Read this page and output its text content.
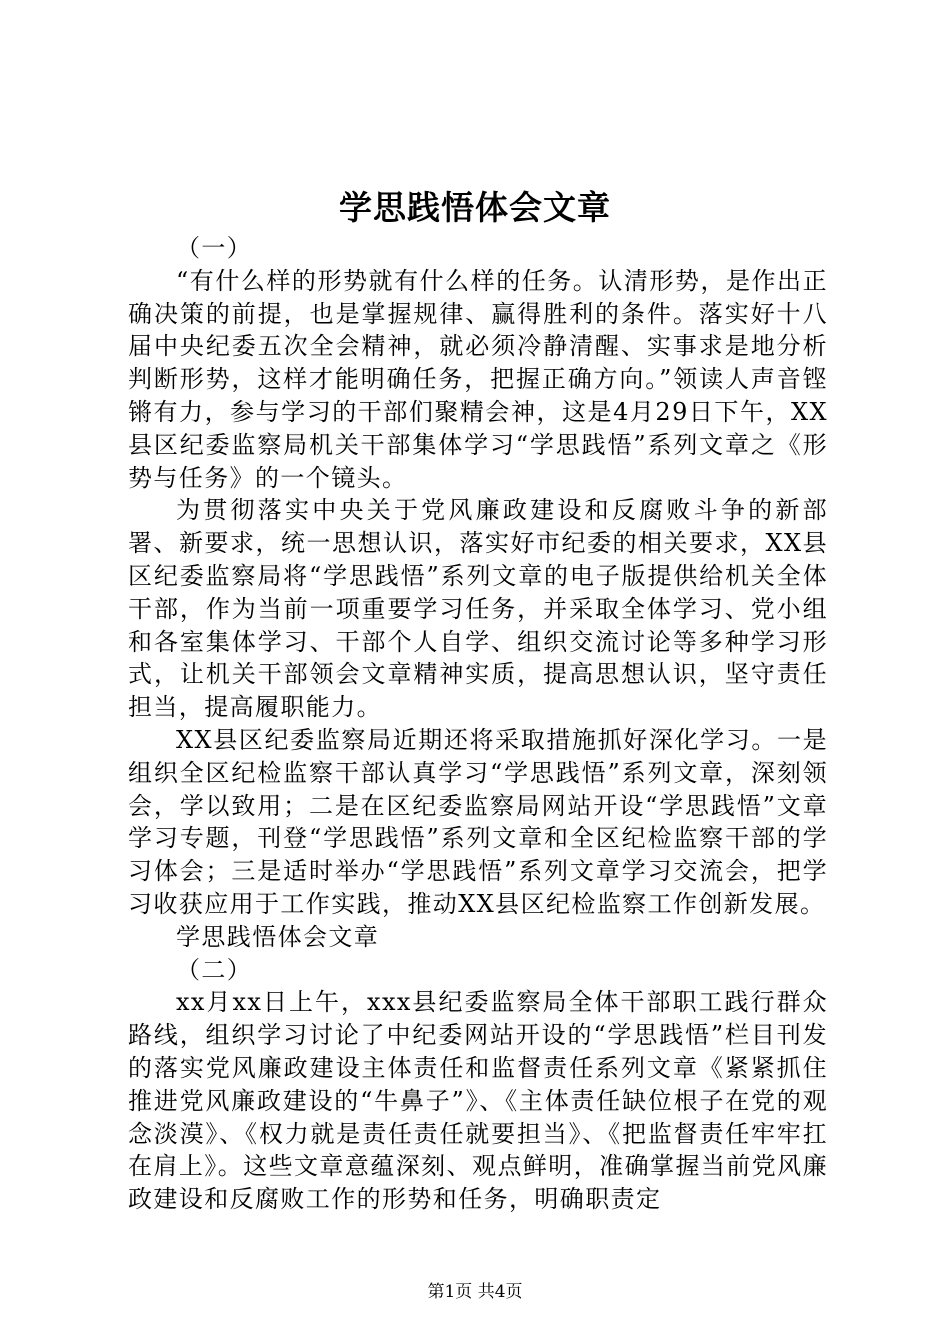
学思践悟体会文章

（一）

“有什么样的形势就有什么样的任务。认清形势，是作出正确决策的前提，也是掌握规律、赢得胜利的条件。落实好十八届中央纪委五次全会精神，就必须冷静清醒、实事求是地分析判断形势，这样才能明确任务，把握正确方向。”领读人声音铿锵有力，参与学习的干部们聚精会神，这是4月29日下午，XX县区纪委监察局机关干部集体学习“学思践悟”系列文章之《形势与任务》的一个镜头。

为贯彻落实中央关于党风廉政建设和反腐败斗争的新部署、新要求，统一思想认识，落实好市纪委的相关要求，XX县区纪委监察局将“学思践悟”系列文章的电子版提供给机关全体干部，作为当前一项重要学习任务，并采取全体学习、党小组和各室集体学习、干部个人自学、组织交流讨论等多种学习形式，让机关干部领会文章精神实质，提高思想认识，坚守责任担当，提高履职能力。

XX县区纪委监察局近期还将采取措施抓好深化学习。一是组织全区纪检监察干部认真学习“学思践悟”系列文章，深刻领会，学以致用；二是在区纪委监察局网站开设“学思践悟”文章学习专题，刊登“学思践悟”系列文章和全区纪检监察干部的学习体会；三是适时举办“学思践悟”系列文章学习交流会，把学习收获应用于工作实践，推动XX县区纪检监察工作创新发展。

学思践悟体会文章

（二）

xx月xx日上午，xxx县纪委监察局全体干部职工践行群众路线，组织学习讨论了中纪委网站开设的“学思践悟”栏目刊发的落实党风廉政建设主体责任和监督责任系列文章《紧紧抓住推进党风廉政建设的“牛鼻子”》、《主体责任缺位根子在党的观念淡漠》、《权力就是责任责任就要担当》、《把监督责任牢牢扛在肩上》。这些文章意蕴深刻、观点鲜明，准确掌握当前党风廉政建设和反腐败工作的形势和任务，明确职责定

第1页 共4页
